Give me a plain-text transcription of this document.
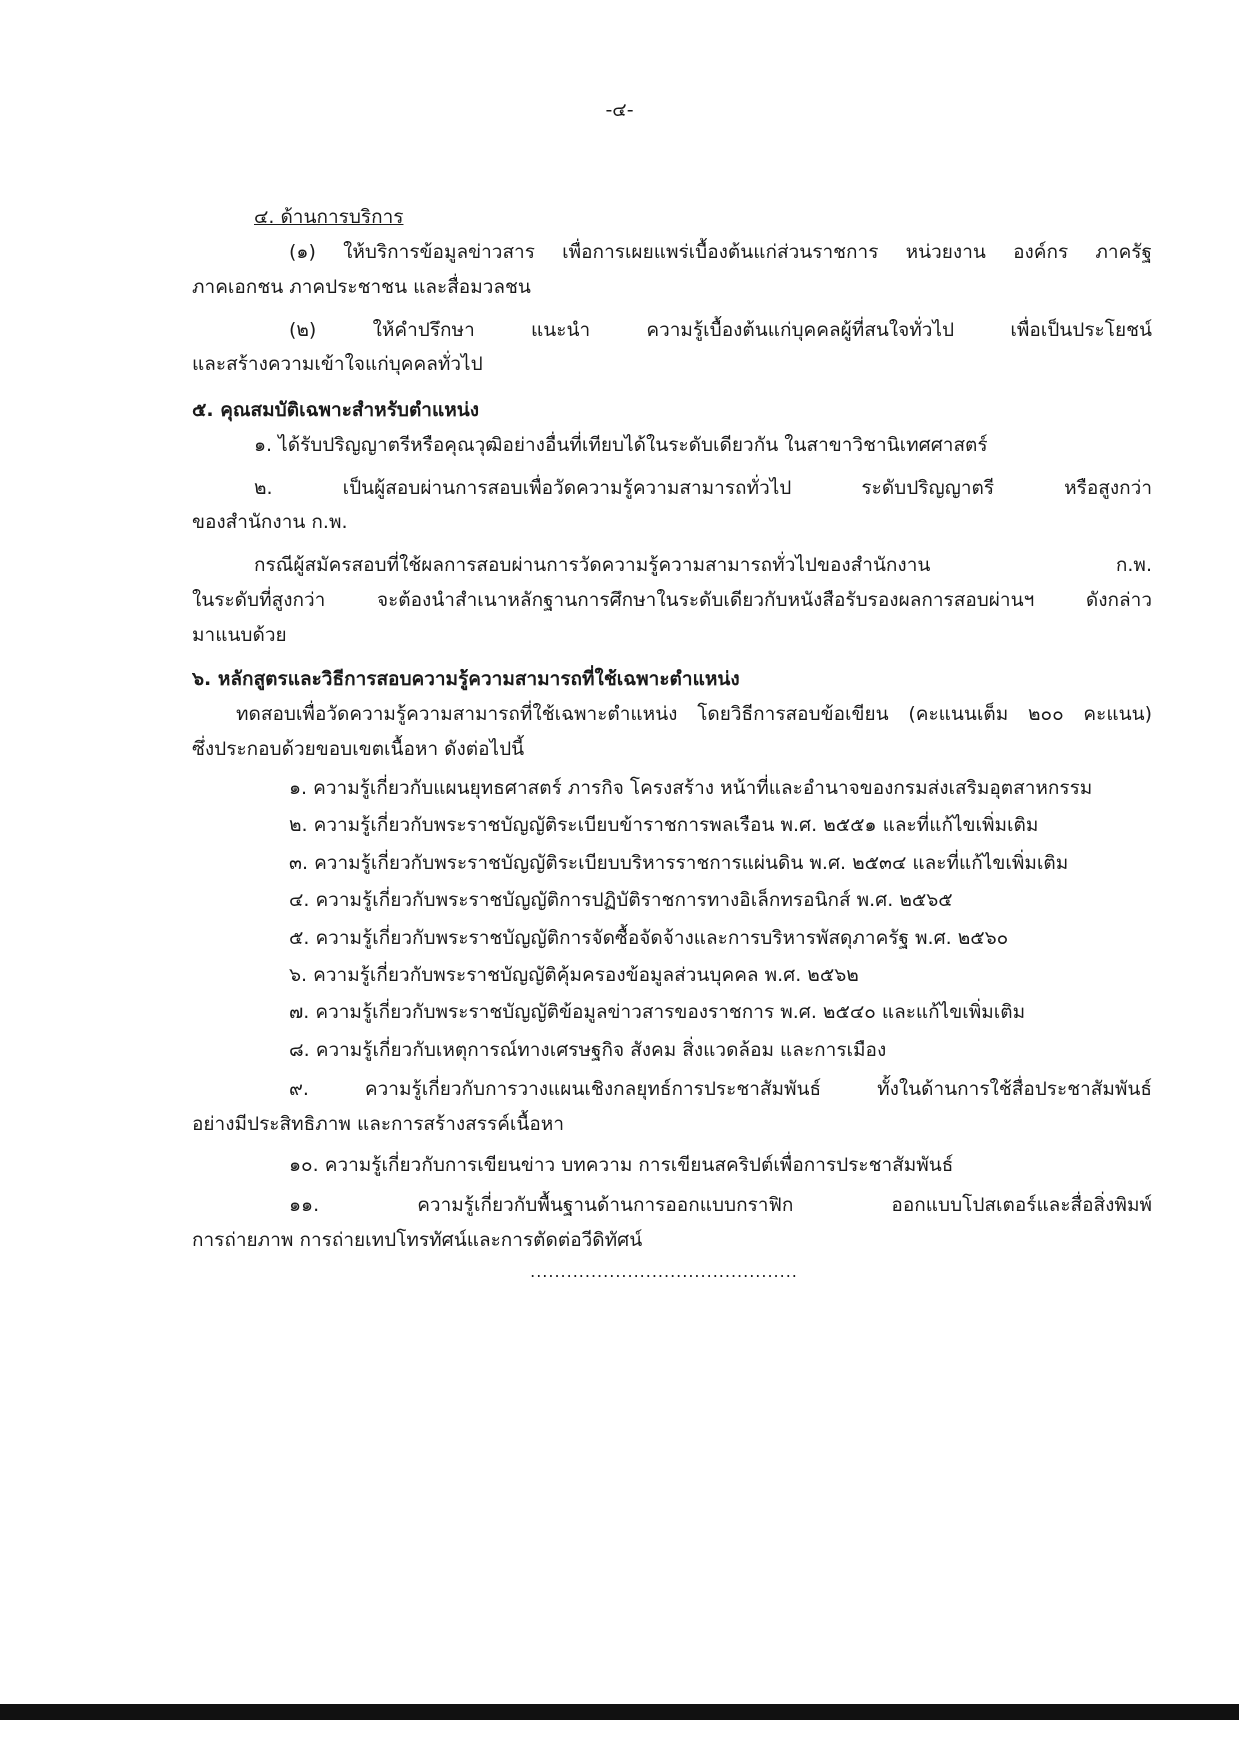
-๔-
๔. ด้านการบริการ
(๑) ให้บริการข้อมูลข่าวสาร เพื่อการเผยแพร่เบื้องต้นแก่ส่วนราชการ หน่วยงาน องค์กร ภาครัฐ
ภาคเอกชน ภาคประชาชน และสื่อมวลชน
(๒) ให้คำปรึกษา แนะนำ ความรู้เบื้องต้นแก่บุคคลผู้ที่สนใจทั่วไป เพื่อเป็นประโยชน์
และสร้างความเข้าใจแก่บุคคลทั่วไป
๕. คุณสมบัติเฉพาะสำหรับตำแหน่ง
๑. ได้รับปริญญาตรีหรือคุณวุฒิอย่างอื่นที่เทียบได้ในระดับเดียวกัน ในสาขาวิชานิเทศศาสตร์
๒. เป็นผู้สอบผ่านการสอบเพื่อวัดความรู้ความสามารถทั่วไป ระดับปริญญาตรี หรือสูงกว่า
ของสำนักงาน ก.พ.
กรณีผู้สมัครสอบที่ใช้ผลการสอบผ่านการวัดความรู้ความสามารถทั่วไปของสำนักงาน ก.พ.
ในระดับที่สูงกว่า จะต้องนำสำเนาหลักฐานการศึกษาในระดับเดียวกับหนังสือรับรองผลการสอบผ่านฯ ดังกล่าว
มาแนบด้วย
๖. หลักสูตรและวิธีการสอบความรู้ความสามารถที่ใช้เฉพาะตำแหน่ง
ทดสอบเพื่อวัดความรู้ความสามารถที่ใช้เฉพาะตำแหน่ง โดยวิธีการสอบข้อเขียน (คะแนนเต็ม ๒๐๐ คะแนน)
ซึ่งประกอบด้วยขอบเขตเนื้อหา ดังต่อไปนี้
๑. ความรู้เกี่ยวกับแผนยุทธศาสตร์ ภารกิจ โครงสร้าง หน้าที่และอำนาจของกรมส่งเสริมอุตสาหกรรม
๒. ความรู้เกี่ยวกับพระราชบัญญัติระเบียบข้าราชการพลเรือน พ.ศ. ๒๕๕๑ และที่แก้ไขเพิ่มเติม
๓. ความรู้เกี่ยวกับพระราชบัญญัติระเบียบบริหารราชการแผ่นดิน พ.ศ. ๒๕๓๔ และที่แก้ไขเพิ่มเติม
๔. ความรู้เกี่ยวกับพระราชบัญญัติการปฏิบัติราชการทางอิเล็กทรอนิกส์ พ.ศ. ๒๕๖๕
๕. ความรู้เกี่ยวกับพระราชบัญญัติการจัดซื้อจัดจ้างและการบริหารพัสดุภาครัฐ พ.ศ. ๒๕๖๐
๖. ความรู้เกี่ยวกับพระราชบัญญัติคุ้มครองข้อมูลส่วนบุคคล พ.ศ. ๒๕๖๒
๗. ความรู้เกี่ยวกับพระราชบัญญัติข้อมูลข่าวสารของราชการ พ.ศ. ๒๕๔๐ และแก้ไขเพิ่มเติม
๘. ความรู้เกี่ยวกับเหตุการณ์ทางเศรษฐกิจ สังคม สิ่งแวดล้อม และการเมือง
๙. ความรู้เกี่ยวกับการวางแผนเชิงกลยุทธ์การประชาสัมพันธ์ ทั้งในด้านการใช้สื่อประชาสัมพันธ์
อย่างมีประสิทธิภาพ และการสร้างสรรค์เนื้อหา
๑๐. ความรู้เกี่ยวกับการเขียนข่าว บทความ การเขียนสคริปต์เพื่อการประชาสัมพันธ์
๑๑. ความรู้เกี่ยวกับพื้นฐานด้านการออกแบบกราฟิก ออกแบบโปสเตอร์และสื่อสิ่งพิมพ์
การถ่ายภาพ การถ่ายเทปโทรทัศน์และการตัดต่อวีดิทัศน์
............................................
